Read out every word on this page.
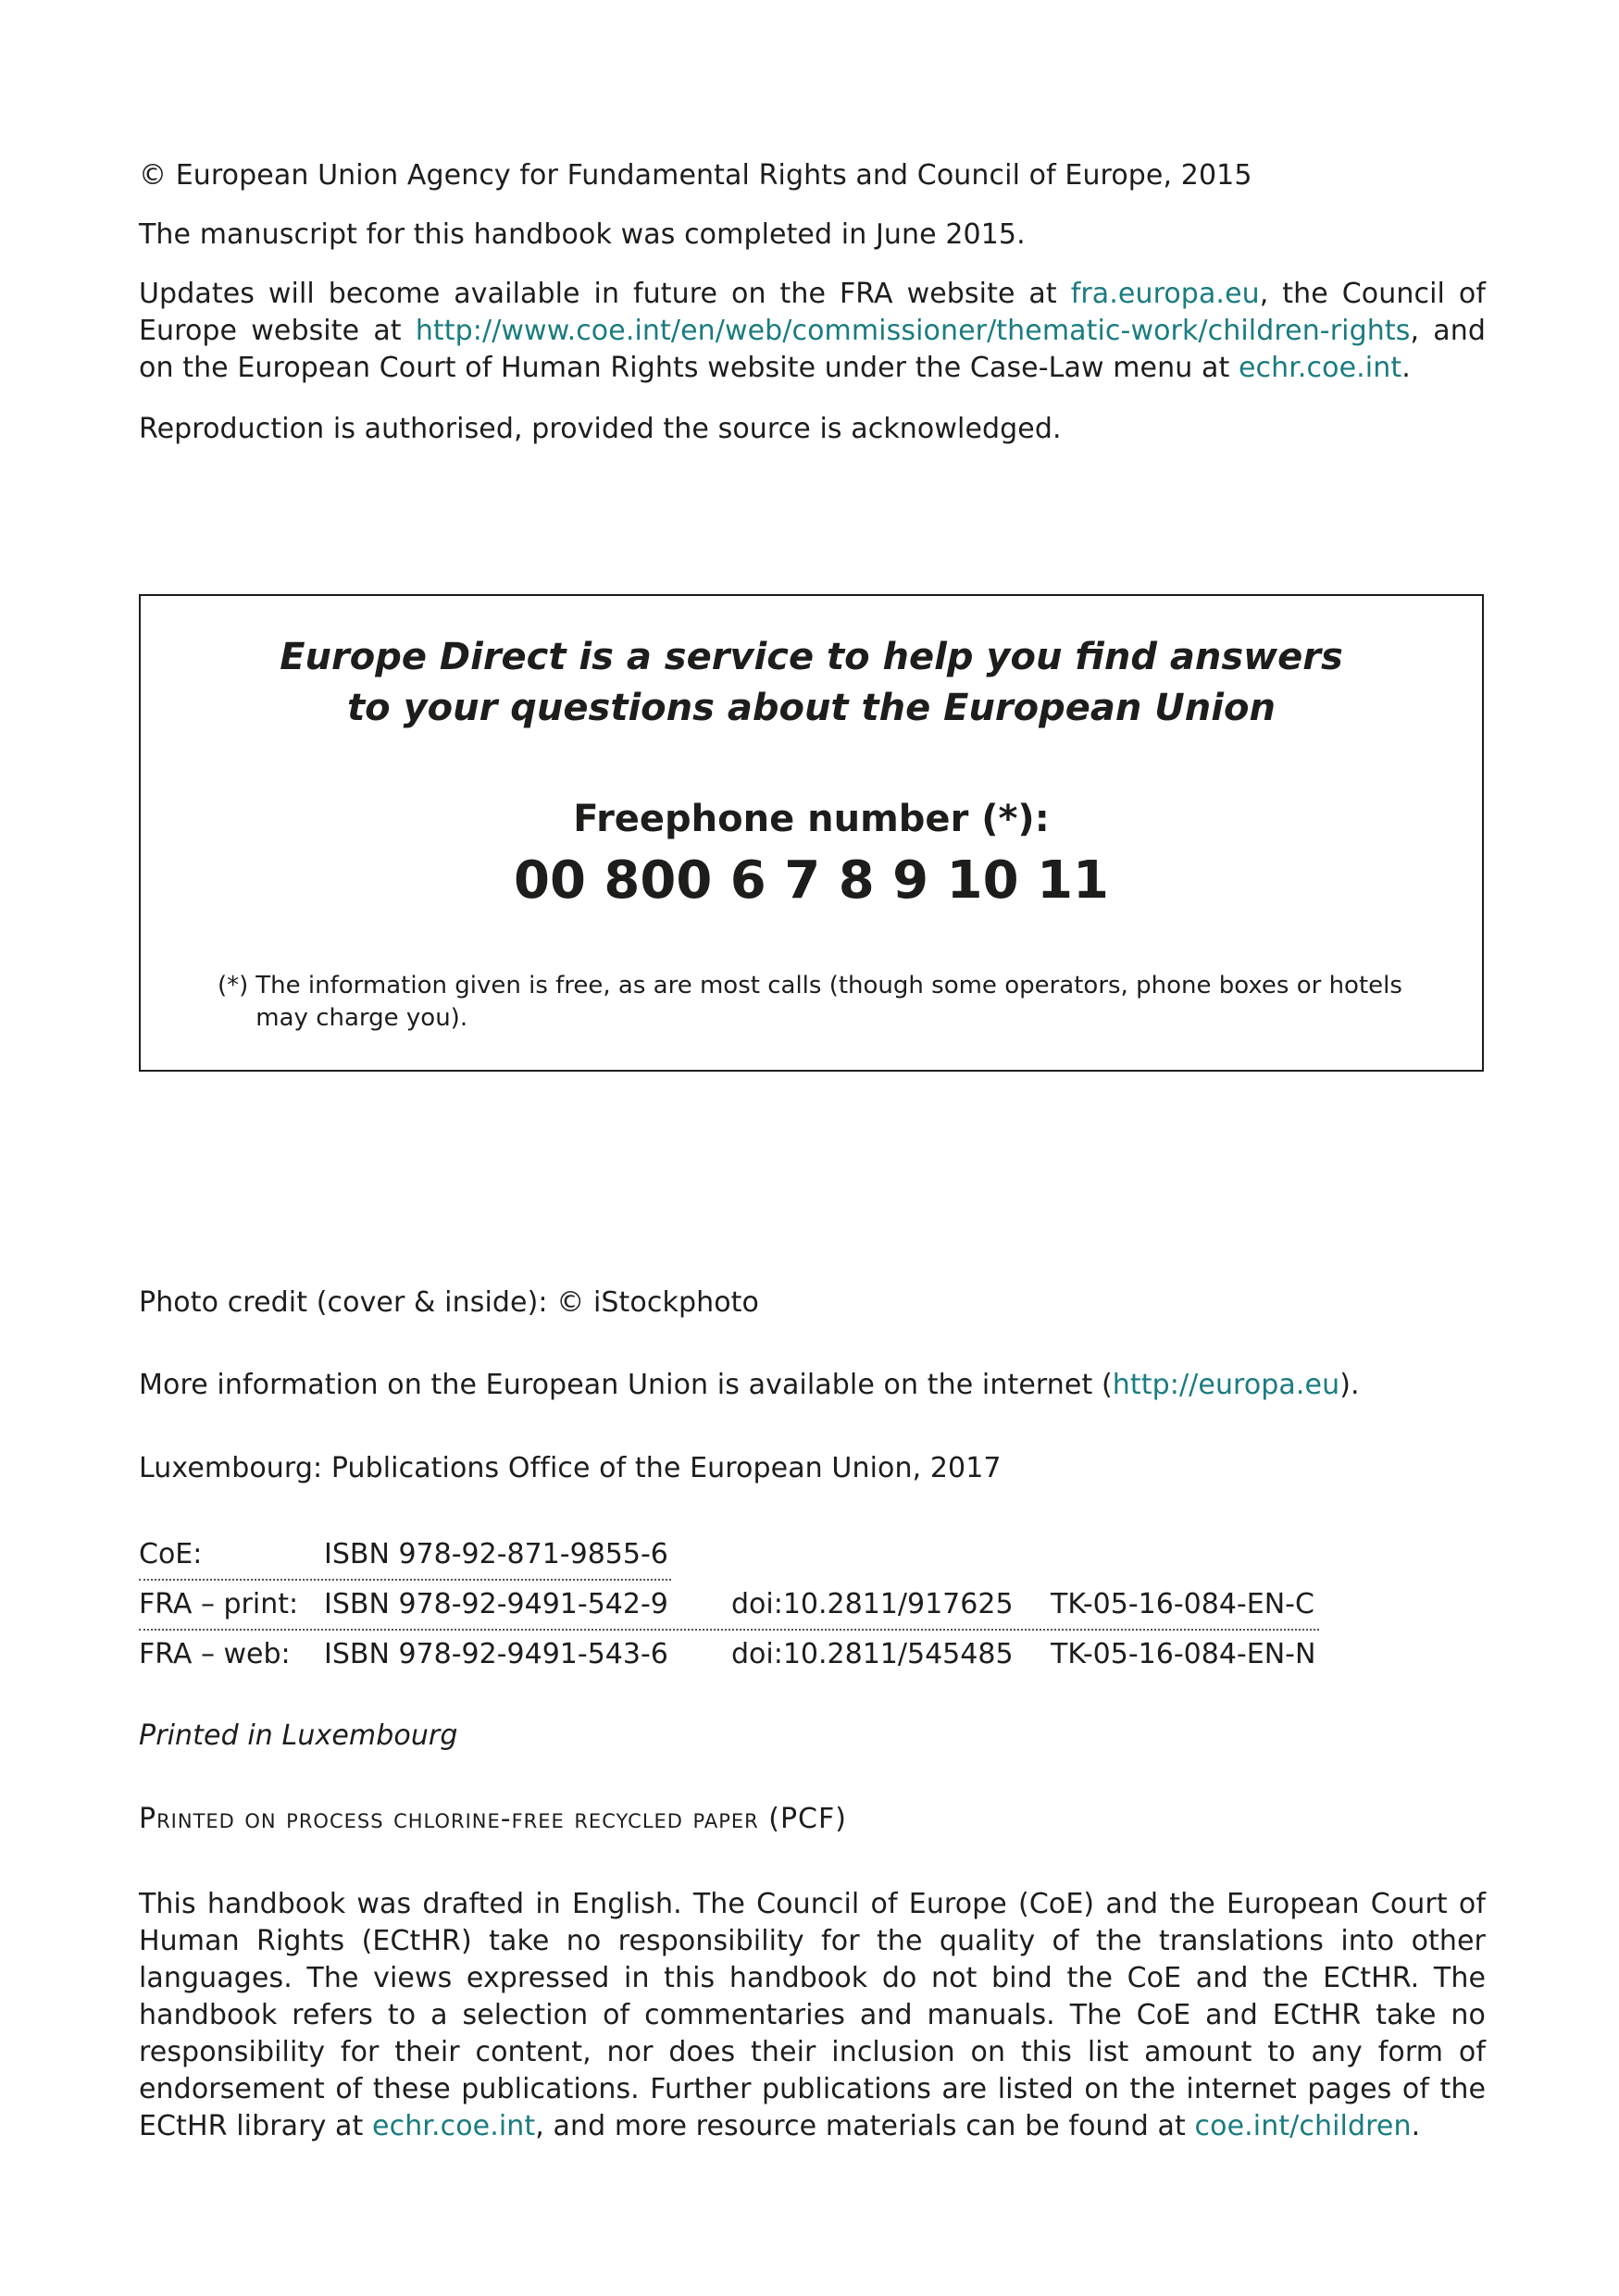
© European Union Agency for Fundamental Rights and Council of Europe, 2015

The manuscript for this handbook was completed in June 2015.

Updates will become available in future on the FRA website at fra.europa.eu, the Council of Europe website at http://www.coe.int/en/web/commissioner/thematic-work/children-rights, and on the European Court of Human Rights website under the Case-Law menu at echr.coe.int.

Reproduction is authorised, provided the source is acknowledged.

Europe Direct is a service to help you find answers

to your questions about the European Union

Freephone number (*):

00 800 6 7 8 9 10 11

(*) The information given is free, as are most calls (though some operators, phone boxes or hotels may charge you).

Photo credit (cover & inside): © iStockphoto

More information on the European Union is available on the internet (http://europa.eu).

Luxembourg: Publications Office of the European Union, 2017

CoE:	ISBN 978-92-871-9855-6
FRA – print: ISBN 978-92-9491-542-9 doi:10.2811/917625 TK-05-16-084-EN-C
FRA – web: ISBN 978-92-9491-543-6 doi:10.2811/545485 TK-05-16-084-EN-N

Printed in Luxembourg

Printed on process chlorine-free recycled paper (PCF)

This handbook was drafted in English. The Council of Europe (CoE) and the European Court of Human Rights (ECtHR) take no responsibility for the quality of the translations into other languages. The views expressed in this handbook do not bind the CoE and the ECtHR. The handbook refers to a selection of commentaries and manuals. The CoE and ECtHR take no responsibility for their content, nor does their inclusion on this list amount to any form of endorsement of these publications. Further publications are listed on the internet pages of the ECtHR library at echr.coe.int, and more resource materials can be found at coe.int/children.
